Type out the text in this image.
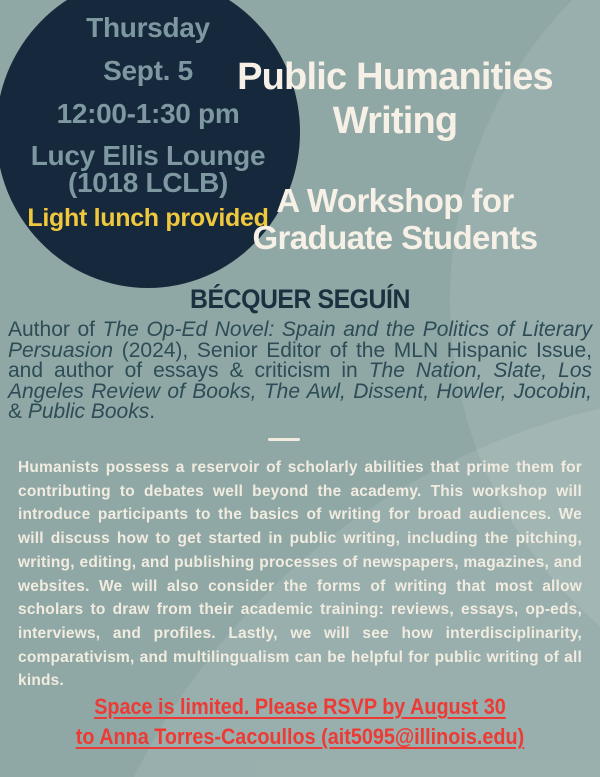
Thursday
Sept. 5
12:00-1:30 pm
Lucy Ellis Lounge
(1018 LCLB)
Light lunch provided
Public Humanities
Writing
A Workshop for
Graduate Students
BÉCQUER SEGUÍN
Author of The Op-Ed Novel: Spain and the Politics of Literary Persuasion (2024), Senior Editor of the MLN Hispanic Issue, and author of essays & criticism in The Nation, Slate, Los Angeles Review of Books, The Awl, Dissent, Howler, Jocobin, & Public Books.
Humanists possess a reservoir of scholarly abilities that prime them for contributing to debates well beyond the academy. This workshop will introduce participants to the basics of writing for broad audiences. We will discuss how to get started in public writing, including the pitching, writing, editing, and publishing processes of newspapers, magazines, and websites. We will also consider the forms of writing that most allow scholars to draw from their academic training: reviews, essays, op-eds, interviews, and profiles. Lastly, we will see how interdisciplinarity, comparativism, and multilingualism can be helpful for public writing of all kinds.
Space is limited. Please RSVP by August 30
to Anna Torres-Cacoullos (ait5095@illinois.edu)
